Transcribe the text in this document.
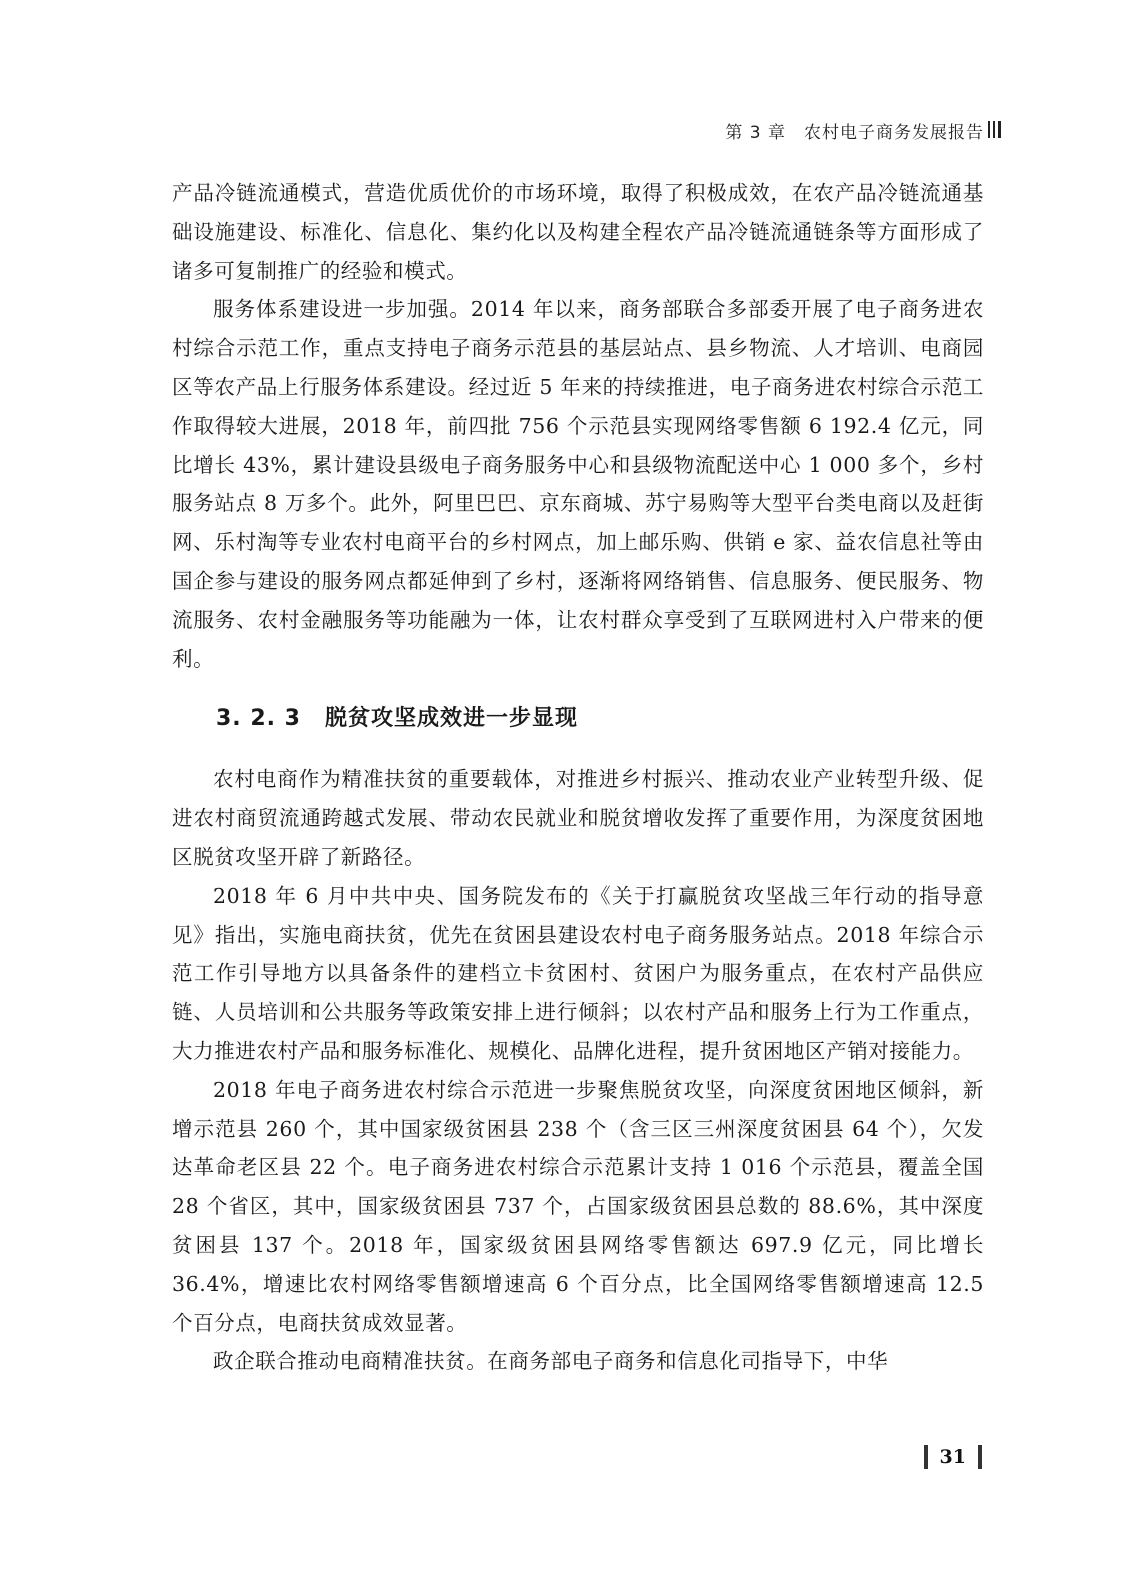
第 3 章 农村电子商务发展报告

产品冷链流通模式，营造优质优价的市场环境，取得了积极成效，在农产品冷链流通基础设施建设、标准化、信息化、集约化以及构建全程农产品冷链流通链条等方面形成了诸多可复制推广的经验和模式。

服务体系建设进一步加强。2014 年以来，商务部联合多部委开展了电子商务进农村综合示范工作，重点支持电子商务示范县的基层站点、县乡物流、人才培训、电商园区等农产品上行服务体系建设。经过近 5 年来的持续推进，电子商务进农村综合示范工作取得较大进展，2018 年，前四批 756 个示范县实现网络零售额 6 192.4 亿元，同比增长 43%，累计建设县级电子商务服务中心和县级物流配送中心 1 000 多个，乡村服务站点 8 万多个。此外，阿里巴巴、京东商城、苏宁易购等大型平台类电商以及赶街网、乐村淘等专业农村电商平台的乡村网点，加上邮乐购、供销 e 家、益农信息社等由国企参与建设的服务网点都延伸到了乡村，逐渐将网络销售、信息服务、便民服务、物流服务、农村金融服务等功能融为一体，让农村群众享受到了互联网进村入户带来的便利。

3. 2. 3 脱贫攻坚成效进一步显现

农村电商作为精准扶贫的重要载体，对推进乡村振兴、推动农业产业转型升级、促进农村商贸流通跨越式发展、带动农民就业和脱贫增收发挥了重要作用，为深度贫困地区脱贫攻坚开辟了新路径。

2018 年 6 月中共中央、国务院发布的《关于打赢脱贫攻坚战三年行动的指导意见》指出，实施电商扶贫，优先在贫困县建设农村电子商务服务站点。2018 年综合示范工作引导地方以具备条件的建档立卡贫困村、贫困户为服务重点，在农村产品供应链、人员培训和公共服务等政策安排上进行倾斜；以农村产品和服务上行为工作重点，大力推进农村产品和服务标准化、规模化、品牌化进程，提升贫困地区产销对接能力。

2018 年电子商务进农村综合示范进一步聚焦脱贫攻坚，向深度贫困地区倾斜，新增示范县 260 个，其中国家级贫困县 238 个（含三区三州深度贫困县 64 个），欠发达革命老区县 22 个。电子商务进农村综合示范累计支持 1 016 个示范县，覆盖全国 28 个省区，其中，国家级贫困县 737 个，占国家级贫困县总数的 88.6%，其中深度贫困县 137 个。2018 年，国家级贫困县网络零售额达 697.9 亿元，同比增长 36.4%，增速比农村网络零售额增速高 6 个百分点，比全国网络零售额增速高 12.5 个百分点，电商扶贫成效显著。

政企联合推动电商精准扶贫。在商务部电子商务和信息化司指导下，中华

31
